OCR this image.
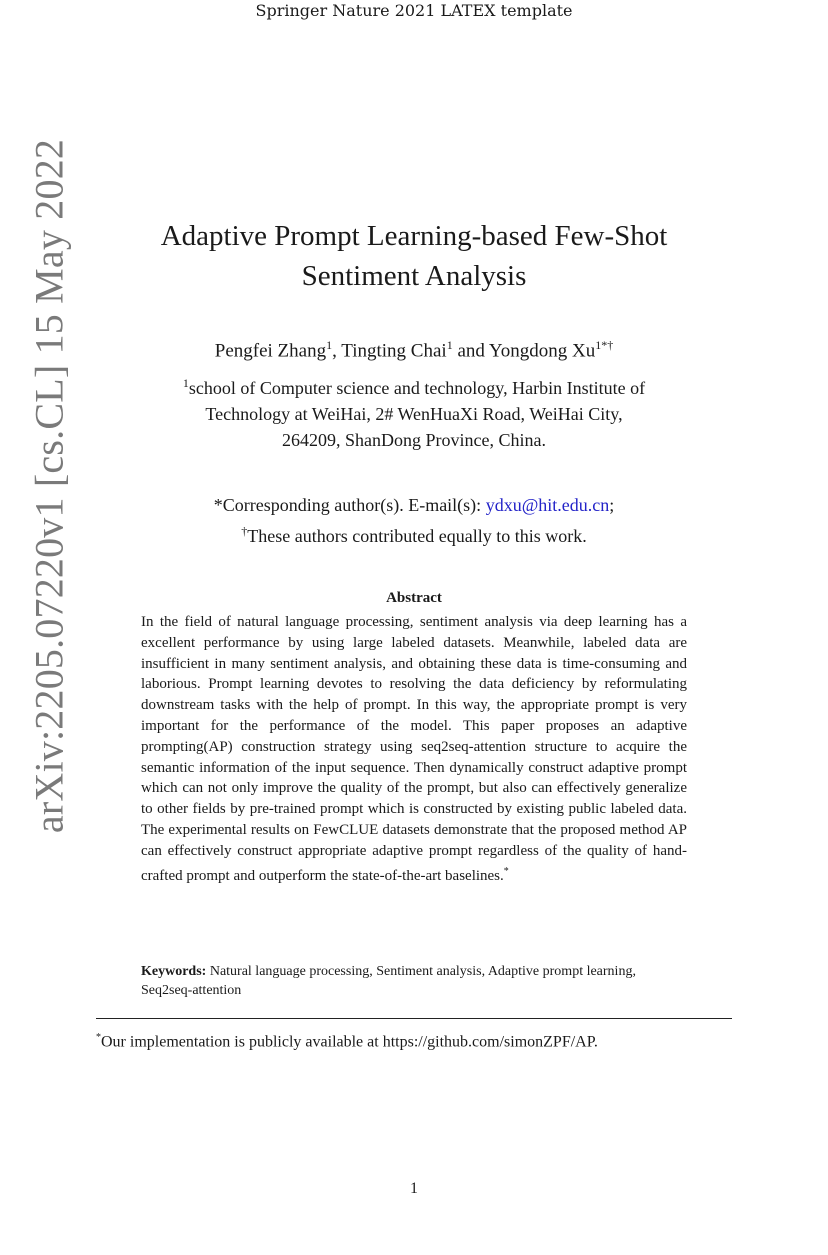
Springer Nature 2021 LATEX template
arXiv:2205.07220v1 [cs.CL] 15 May 2022	Adaptive Prompt Learning-based Few-Shot
Sentiment Analysis
Pengfei Zhang$^1$, Tingting Chai$^1$ and Yongdong $Xu^{1*\dagger}$
$^1$school of Computer science and technology, Harbin Institute of
Technology at WeiHai, 2# WenHuaXi Road, WeiHai City,
264209, ShanDong Province, China.
*Corresponding author(s). E-mail(s): ydxu@hit.edu.cn;
†These authors contributed equally to this work.
Abstract
In the field of natural language processing, sentiment analysis via deep learning has a excellent performance by using large labeled datasets. Meanwhile, labeled data are insufficient in many sentiment analysis, and obtaining these data is time-consuming and laborious. Prompt learning devotes to resolving the data deficiency by reformulating downstream tasks with the help of prompt. In this way, the appropriate prompt is very important for the performance of the model. This paper proposes an adaptive prompting(AP) construction strategy using seq2seq-attention structure to acquire the semantic information of the input sequence. Then dynamically construct adaptive prompt which can not only improve the quality of the prompt, but also can effectively generalize to other fields by pre-trained prompt which is constructed by existing public labeled data. The experimental results on FewCLUE datasets demonstrate that the proposed method AP can effectively construct appropriate adaptive prompt regardless of the quality of hand-crafted prompt and outperform the state-of-the-art baselines.*
Keywords: Natural language processing, Sentiment analysis, Adaptive prompt learning, Seq2seq-attention
*Our implementation is publicly available at https://github.com/simonZPF/AP.
1
